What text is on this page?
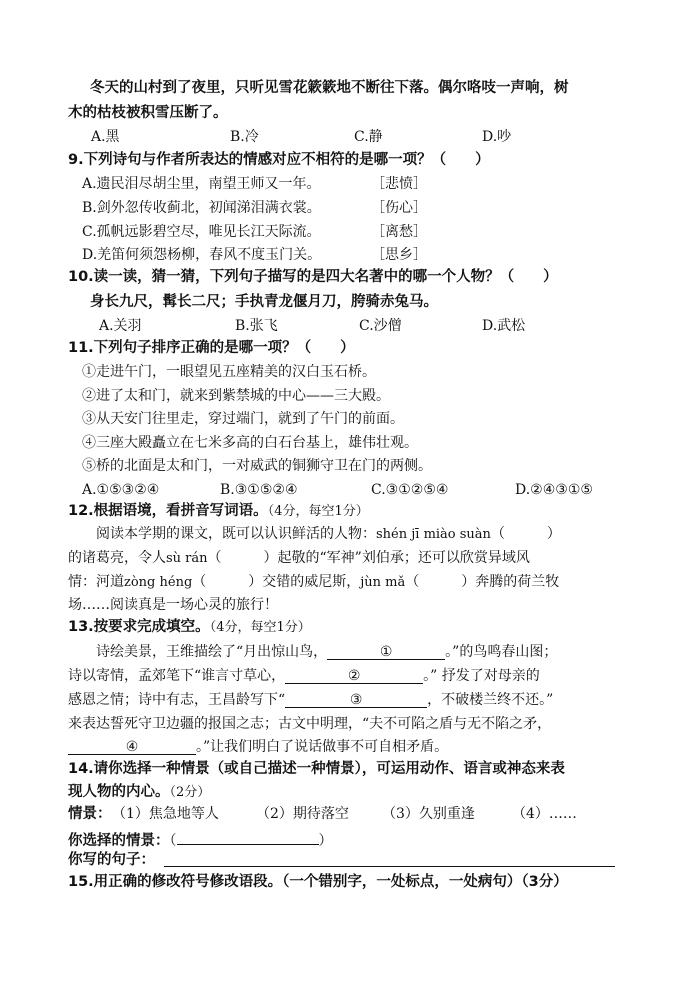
冬天的山村到了夜里，只听见雪花簌簌地不断往下落。偶尔咯吱一声响，树
木的枯枝被积雪压断了。
A.黑	B.冷	C.静	D.吵
9.下列诗句与作者所表达的情感对应不相符的是哪一项？（　　）
A.遗民泪尽胡尘里，南望王师又一年。	［悲愤］
B.剑外忽传收蓟北，初闻涕泪满衣裳。	［伤心］
C.孤帆远影碧空尽，唯见长江天际流。	［离愁］
D.羌笛何须怨杨柳，春风不度玉门关。	［思乡］
10.读一读，猜一猜，下列句子描写的是四大名著中的哪一个人物？（　　）
身长九尺，髯长二尺；手执青龙偃月刀，胯骑赤兔马。
A.关羽	B.张飞	C.沙僧	D.武松
11.下列句子排序正确的是哪一项？（　　）
①走进午门，一眼望见五座精美的汉白玉石桥。
②进了太和门，就来到紫禁城的中心——三大殿。
③从天安门往里走，穿过端门，就到了午门的前面。
④三座大殿矗立在七米多高的白石台基上，雄伟壮观。
⑤桥的北面是太和门，一对威武的铜狮守卫在门的两侧。
A.①⑤③②④	B.③①⑤②④	C.③①②⑤④	D.②④③①⑤
12.根据语境，看拼音写词语。（4分，每空1分）
阅读本学期的课文，既可以认识鲜活的人物：shén jī miào suàn（　　　）
的诸葛亮，令人sù rán（　　　）起敬的“军神”刘伯承；还可以欣赏异域风
情：河道zòng héng（　　　）交错的威尼斯，jùn mǎ（　　　）奔腾的荷兰牧
场……阅读真是一场心灵的旅行！
13.按要求完成填空。（4分，每空1分）
诗绘美景，王维描绘了“月出惊山鸟，	①	。”的鸟鸣春山图；
诗以寄情，孟郊笔下“谁言寸草心，	②	。” 抒发了对母亲的
感恩之情；诗中有志，王昌龄写下“	③	，不破楼兰终不还。”
来表达誓死守卫边疆的报国之志；古文中明理，“夫不可陷之盾与无不陷之矛，
④	。”让我们明白了说话做事不可自相矛盾。
14.请你选择一种情景（或自己描述一种情景），可运用动作、语言或神态来表
现人物的内心。（2分）
情景： （1）焦急地等人	（2）期待落空 （3）久别重逢	（4）……
你选择的情景：（	）
你写的句子：
15.用正确的修改符号修改语段。（一个错别字，一处标点，一处病句）（3分）
